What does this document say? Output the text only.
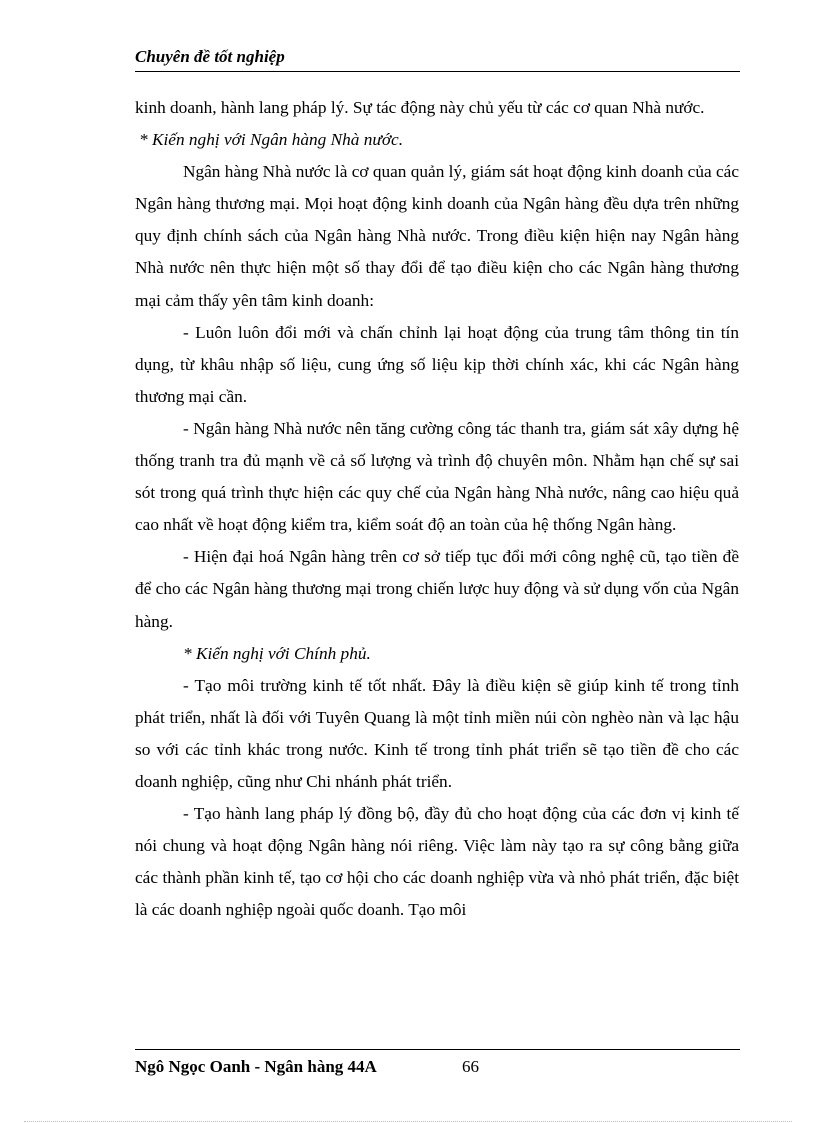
Chuyên đề tốt nghiệp

kinh doanh, hành lang pháp lý. Sự tác động này chủ yếu từ các cơ quan Nhà nước.

* Kiến nghị với Ngân hàng Nhà nước.

Ngân hàng Nhà nước là cơ quan quản lý, giám sát hoạt động kinh doanh của các Ngân hàng thương mại. Mọi hoạt động kinh doanh của Ngân hàng đều dựa trên những quy định chính sách của Ngân hàng Nhà nước. Trong điều kiện hiện nay Ngân hàng Nhà nước nên thực hiện một số thay đổi để tạo điều kiện cho các Ngân hàng thương mại cảm thấy yên tâm kinh doanh:

- Luôn luôn đổi mới và chấn chỉnh lại hoạt động của trung tâm thông tin tín dụng, từ khâu nhập số liệu, cung ứng số liệu kịp thời chính xác, khi các Ngân hàng thương mại cần.

- Ngân hàng Nhà nước nên tăng cường công tác thanh tra, giám sát xây dựng hệ thống tranh tra đủ mạnh về cả số lượng và trình độ chuyên môn. Nhằm hạn chế sự sai sót trong quá trình thực hiện các quy chế của Ngân hàng Nhà nước, nâng cao hiệu quả cao nhất về hoạt động kiểm tra, kiểm soát độ an toàn của hệ thống Ngân hàng.

- Hiện đại hoá Ngân hàng trên cơ sở tiếp tục đổi mới công nghệ cũ, tạo tiền đề để cho các Ngân hàng thương mại trong chiến lược huy động và sử dụng vốn của Ngân hàng.

* Kiến nghị với Chính phủ.

- Tạo môi trường kinh tế tốt nhất. Đây là điều kiện sẽ giúp kinh tế trong tỉnh phát triển, nhất là đối với Tuyên Quang là một tỉnh miền núi còn nghèo nàn và lạc hậu so với các tỉnh khác trong nước. Kinh tế trong tỉnh phát triển sẽ tạo tiền đề cho các doanh nghiệp, cũng như Chi nhánh phát triển.

- Tạo hành lang pháp lý đồng bộ, đầy đủ cho hoạt động của các đơn vị kinh tế nói chung và hoạt động Ngân hàng nói riêng. Việc làm này tạo ra sự công bằng giữa các thành phần kinh tế, tạo cơ hội cho các doanh nghiệp vừa và nhỏ phát triển, đặc biệt là các doanh nghiệp ngoài quốc doanh. Tạo môi

Ngô Ngọc Oanh - Ngân hàng 44A	66
